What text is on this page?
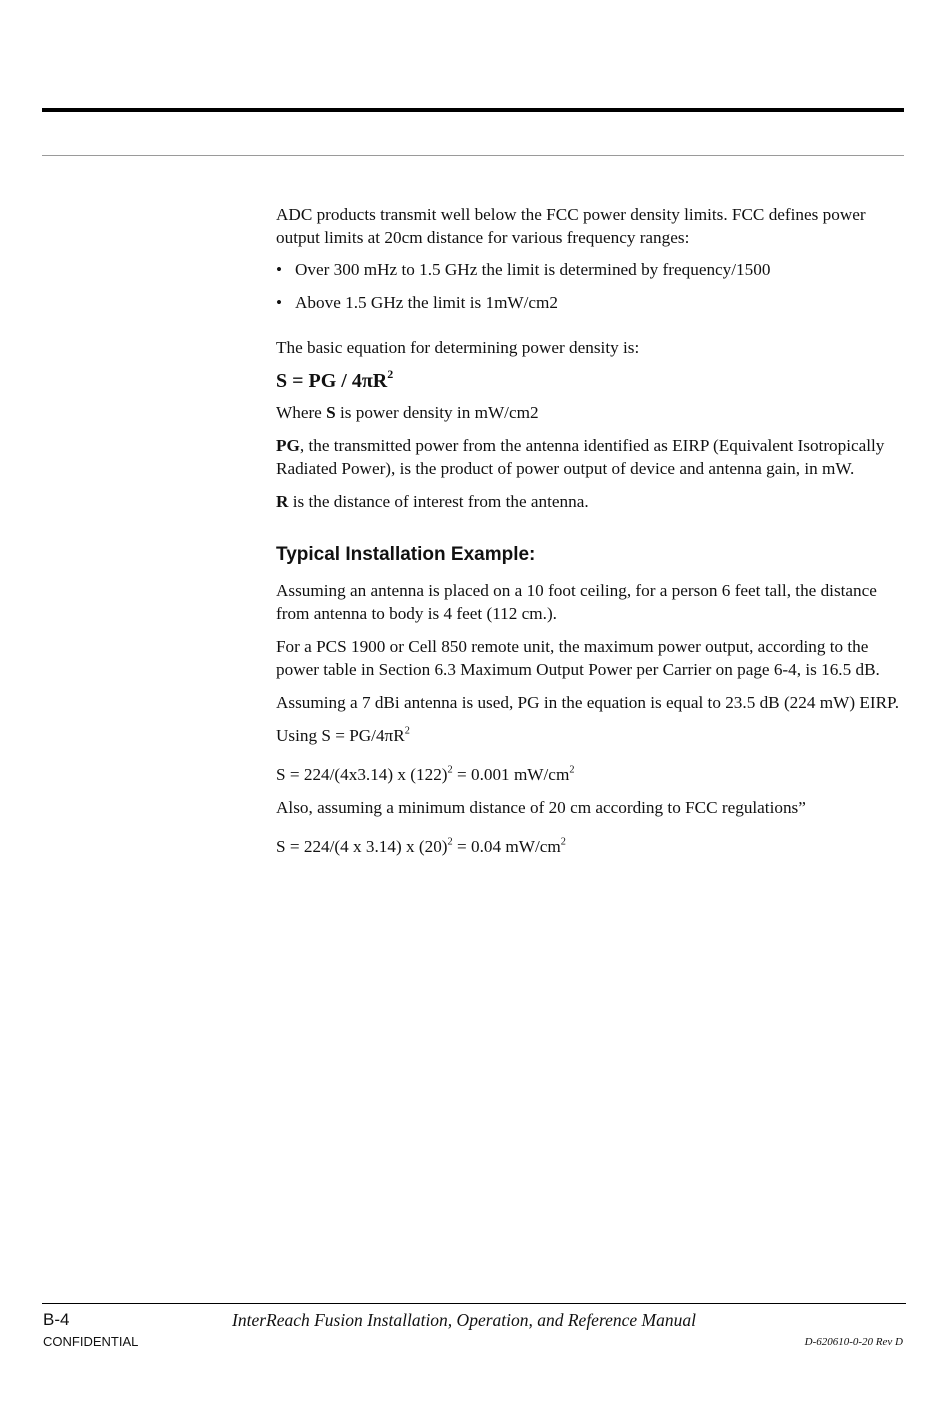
ADC products transmit well below the FCC power density limits. FCC defines power output limits at 20cm distance for various frequency ranges:

• Over 300 mHz to 1.5 GHz the limit is determined by frequency/1500

• Above 1.5 GHz the limit is 1mW/cm2

The basic equation for determining power density is:

S = PG / $4\pi R^2$

Where S is power density in mW/cm2

PG, the transmitted power from the antenna identified as EIRP (Equivalent Isotropically Radiated Power), is the product of power output of device and antenna gain, in mW.

R is the distance of interest from the antenna.

Typical Installation Example:

Assuming an antenna is placed on a 10 foot ceiling, for a person 6 feet tall, the distance from antenna to body is 4 feet (112 cm.).

For a PCS 1900 or Cell 850 remote unit, the maximum power output, according to the power table in Section 6.3 Maximum Output Power per Carrier on page 6-4, is 16.5 dB.

Assuming a 7 dBi antenna is used, PG in the equation is equal to 23.5 dB (224 mW) EIRP.

Using $S = PG/4\pi R^2$

S = 224/(4x3.14) x $(122)^2 = 0.001$ $mW/cm^2$

Also, assuming a minimum distance of 20 cm according to FCC regulations”

S = 224/(4 x 3.14) x $(20)^2 = 0.04$ $mW/cm^2$

B-4	InterReach Fusion Installation, Operation, and Reference Manual
CONFIDENTIAL	D-620610-0-20 Rev D
